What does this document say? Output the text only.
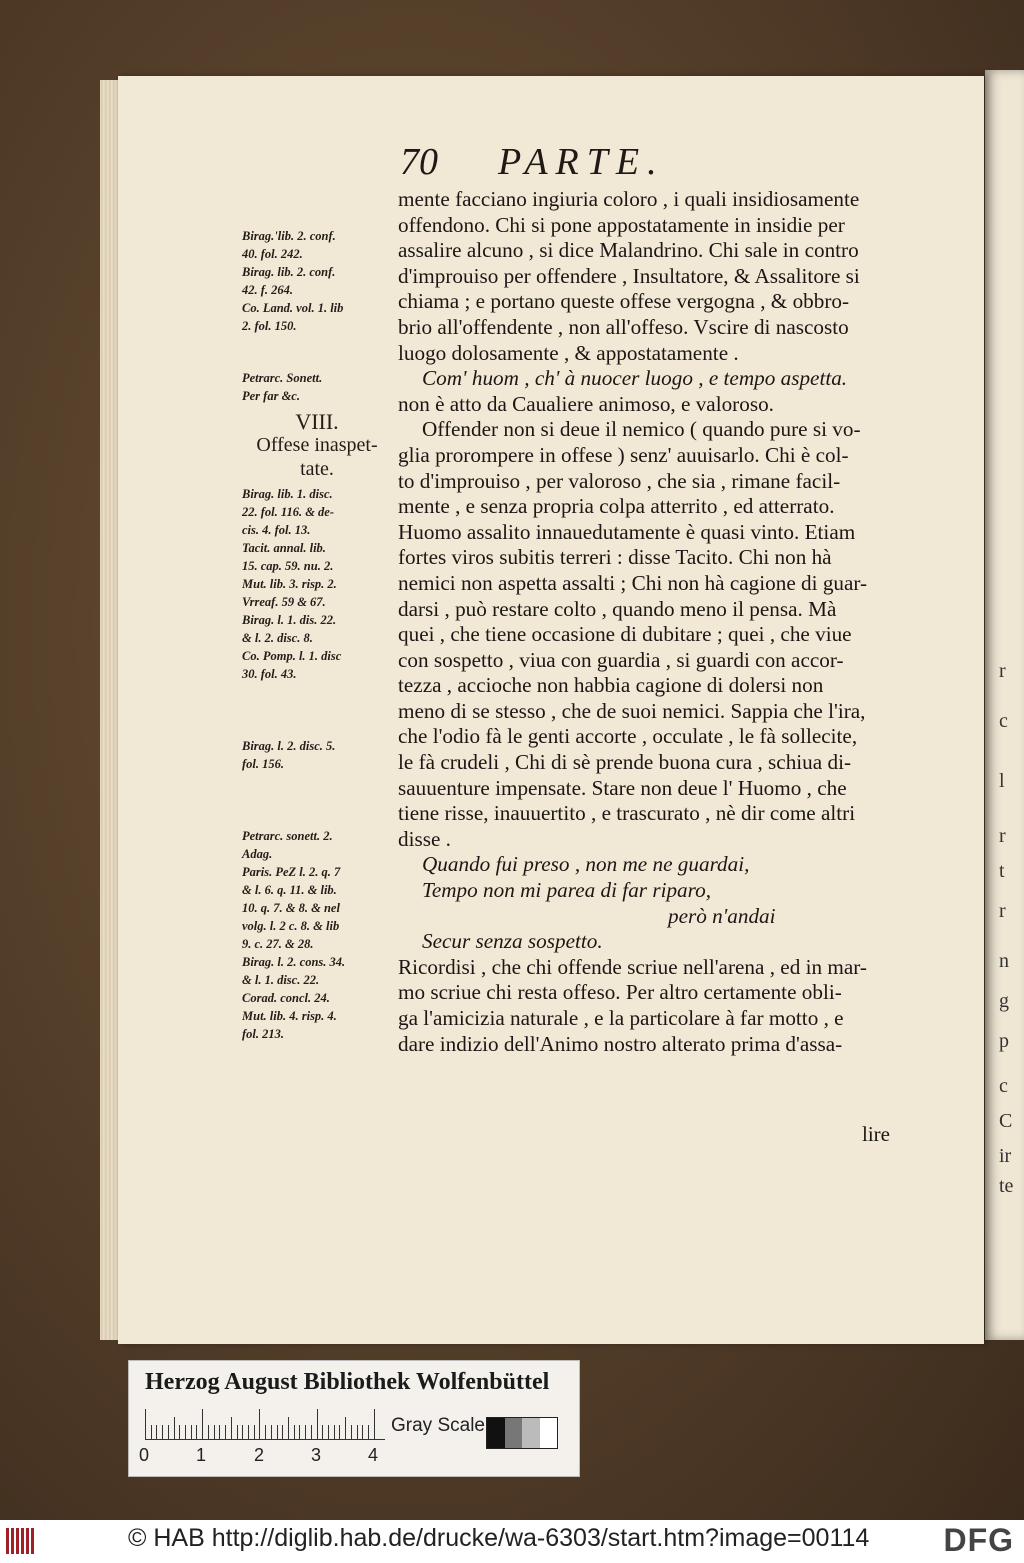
r
c
l
r
t
r
n
g
p
c
C
ir
te
70 PARTE.
Birag.'lib. 2. conf.
40. fol. 242.
Birag. lib. 2. conf.
42. f. 264.
Co. Land. vol. 1. lib
2. fol. 150.
Petrarc. Sonett.
Per far &c.
VIII.
Offese inaspet-
tate.
Birag. lib. 1. disc.
22. fol. 116. & de-
cis. 4. fol. 13.
Tacit. annal. lib.
15. cap. 59. nu. 2.
Mut. lib. 3. risp. 2.
Vrreaf. 59 & 67.
Birag. l. 1. dis. 22.
& l. 2. disc. 8.
Co. Pomp. l. 1. disc
30. fol. 43.
Birag. l. 2. disc. 5.
fol. 156.
Petrarc. sonett. 2.
Adag.
Paris. PeZ l. 2. q. 7
& l. 6. q. 11. & lib.
10. q. 7. & 8. & nel
volg. l. 2 c. 8. & lib
9. c. 27. & 28.
Birag. l. 2. cons. 34.
& l. 1. disc. 22.
Corad. concl. 24.
Mut. lib. 4. risp. 4.
fol. 213.
mente facciano ingiuria coloro , i quali insidiosamente
offendono. Chi si pone appostatamente in insidie per
assalire alcuno , si dice Malandrino. Chi sale in contro
d'improuiso per offendere , Insultatore, & Assalitore si
chiama ; e portano queste offese vergogna , & obbro-
brio all'offendente , non all'offeso. Vscire di nascosto
luogo dolosamente , & appostatamente .
Com' huom , ch' à nuocer luogo , e tempo aspetta.
non è atto da Caualiere animoso, e valoroso.
Offender non si deue il nemico ( quando pure si vo-
glia prorompere in offese ) senz' auuisarlo. Chi è col-
to d'improuiso , per valoroso , che sia , rimane facil-
mente , e senza propria colpa atterrito , ed atterrato.
Huomo assalito innauedutamente è quasi vinto. Etiam
fortes viros subitis terreri : disse Tacito. Chi non hà
nemici non aspetta assalti ; Chi non hà cagione di guar-
darsi , può restare colto , quando meno il pensa. Mà
quei , che tiene occasione di dubitare ; quei , che viue
con sospetto , viua con guardia , si guardi con accor-
tezza , accioche non habbia cagione di dolersi non
meno di se stesso , che de suoi nemici. Sappia che l'ira,
che l'odio fà le genti accorte , occulate , le fà sollecite,
le fà crudeli , Chi di sè prende buona cura , schiua di-
sauuenture impensate. Stare non deue l' Huomo , che
tiene risse, inauuertito , e trascurato , nè dir come altri
disse .
Quando fui preso , non me ne guardai,
Tempo non mi parea di far riparo,
però n'andai
Secur senza sospetto.
Ricordisi , che chi offende scriue nell'arena , ed in mar-
mo scriue chi resta offeso. Per altro certamente obli-
ga l'amicizia naturale , e la particolare à far motto , e
dare indizio dell'Animo nostro alterato prima d'assa-
lire
Herzog August Bibliothek Wolfenbüttel
0	1	2	3	4
Gray Scale
© HAB http://diglib.hab.de/drucke/wa-6303/start.htm?image=00114 DFG
